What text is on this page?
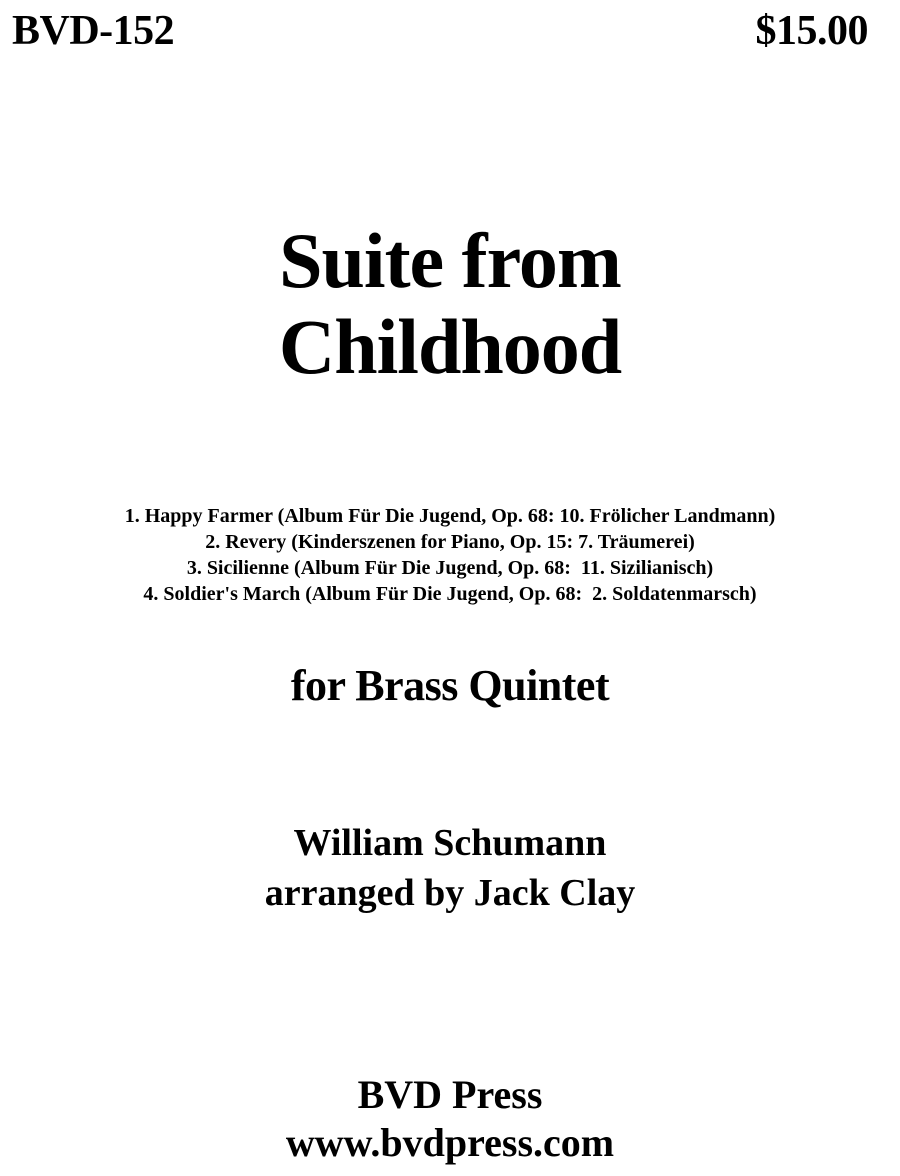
BVD-152	$15.00

Suite from
Childhood
1. Happy Farmer (Album Für Die Jugend, Op. 68: 10. Frölicher Landmann)
2. Revery (Kinderszenen for Piano, Op. 15: 7. Träumerei)
3. Sicilienne (Album Für Die Jugend, Op. 68:  11. Sizilianisch)
4. Soldier's March (Album Für Die Jugend, Op. 68:  2. Soldatenmarsch)

for Brass Quintet

William Schumann

arranged by Jack Clay

BVD Press

www.bvdpress.com
